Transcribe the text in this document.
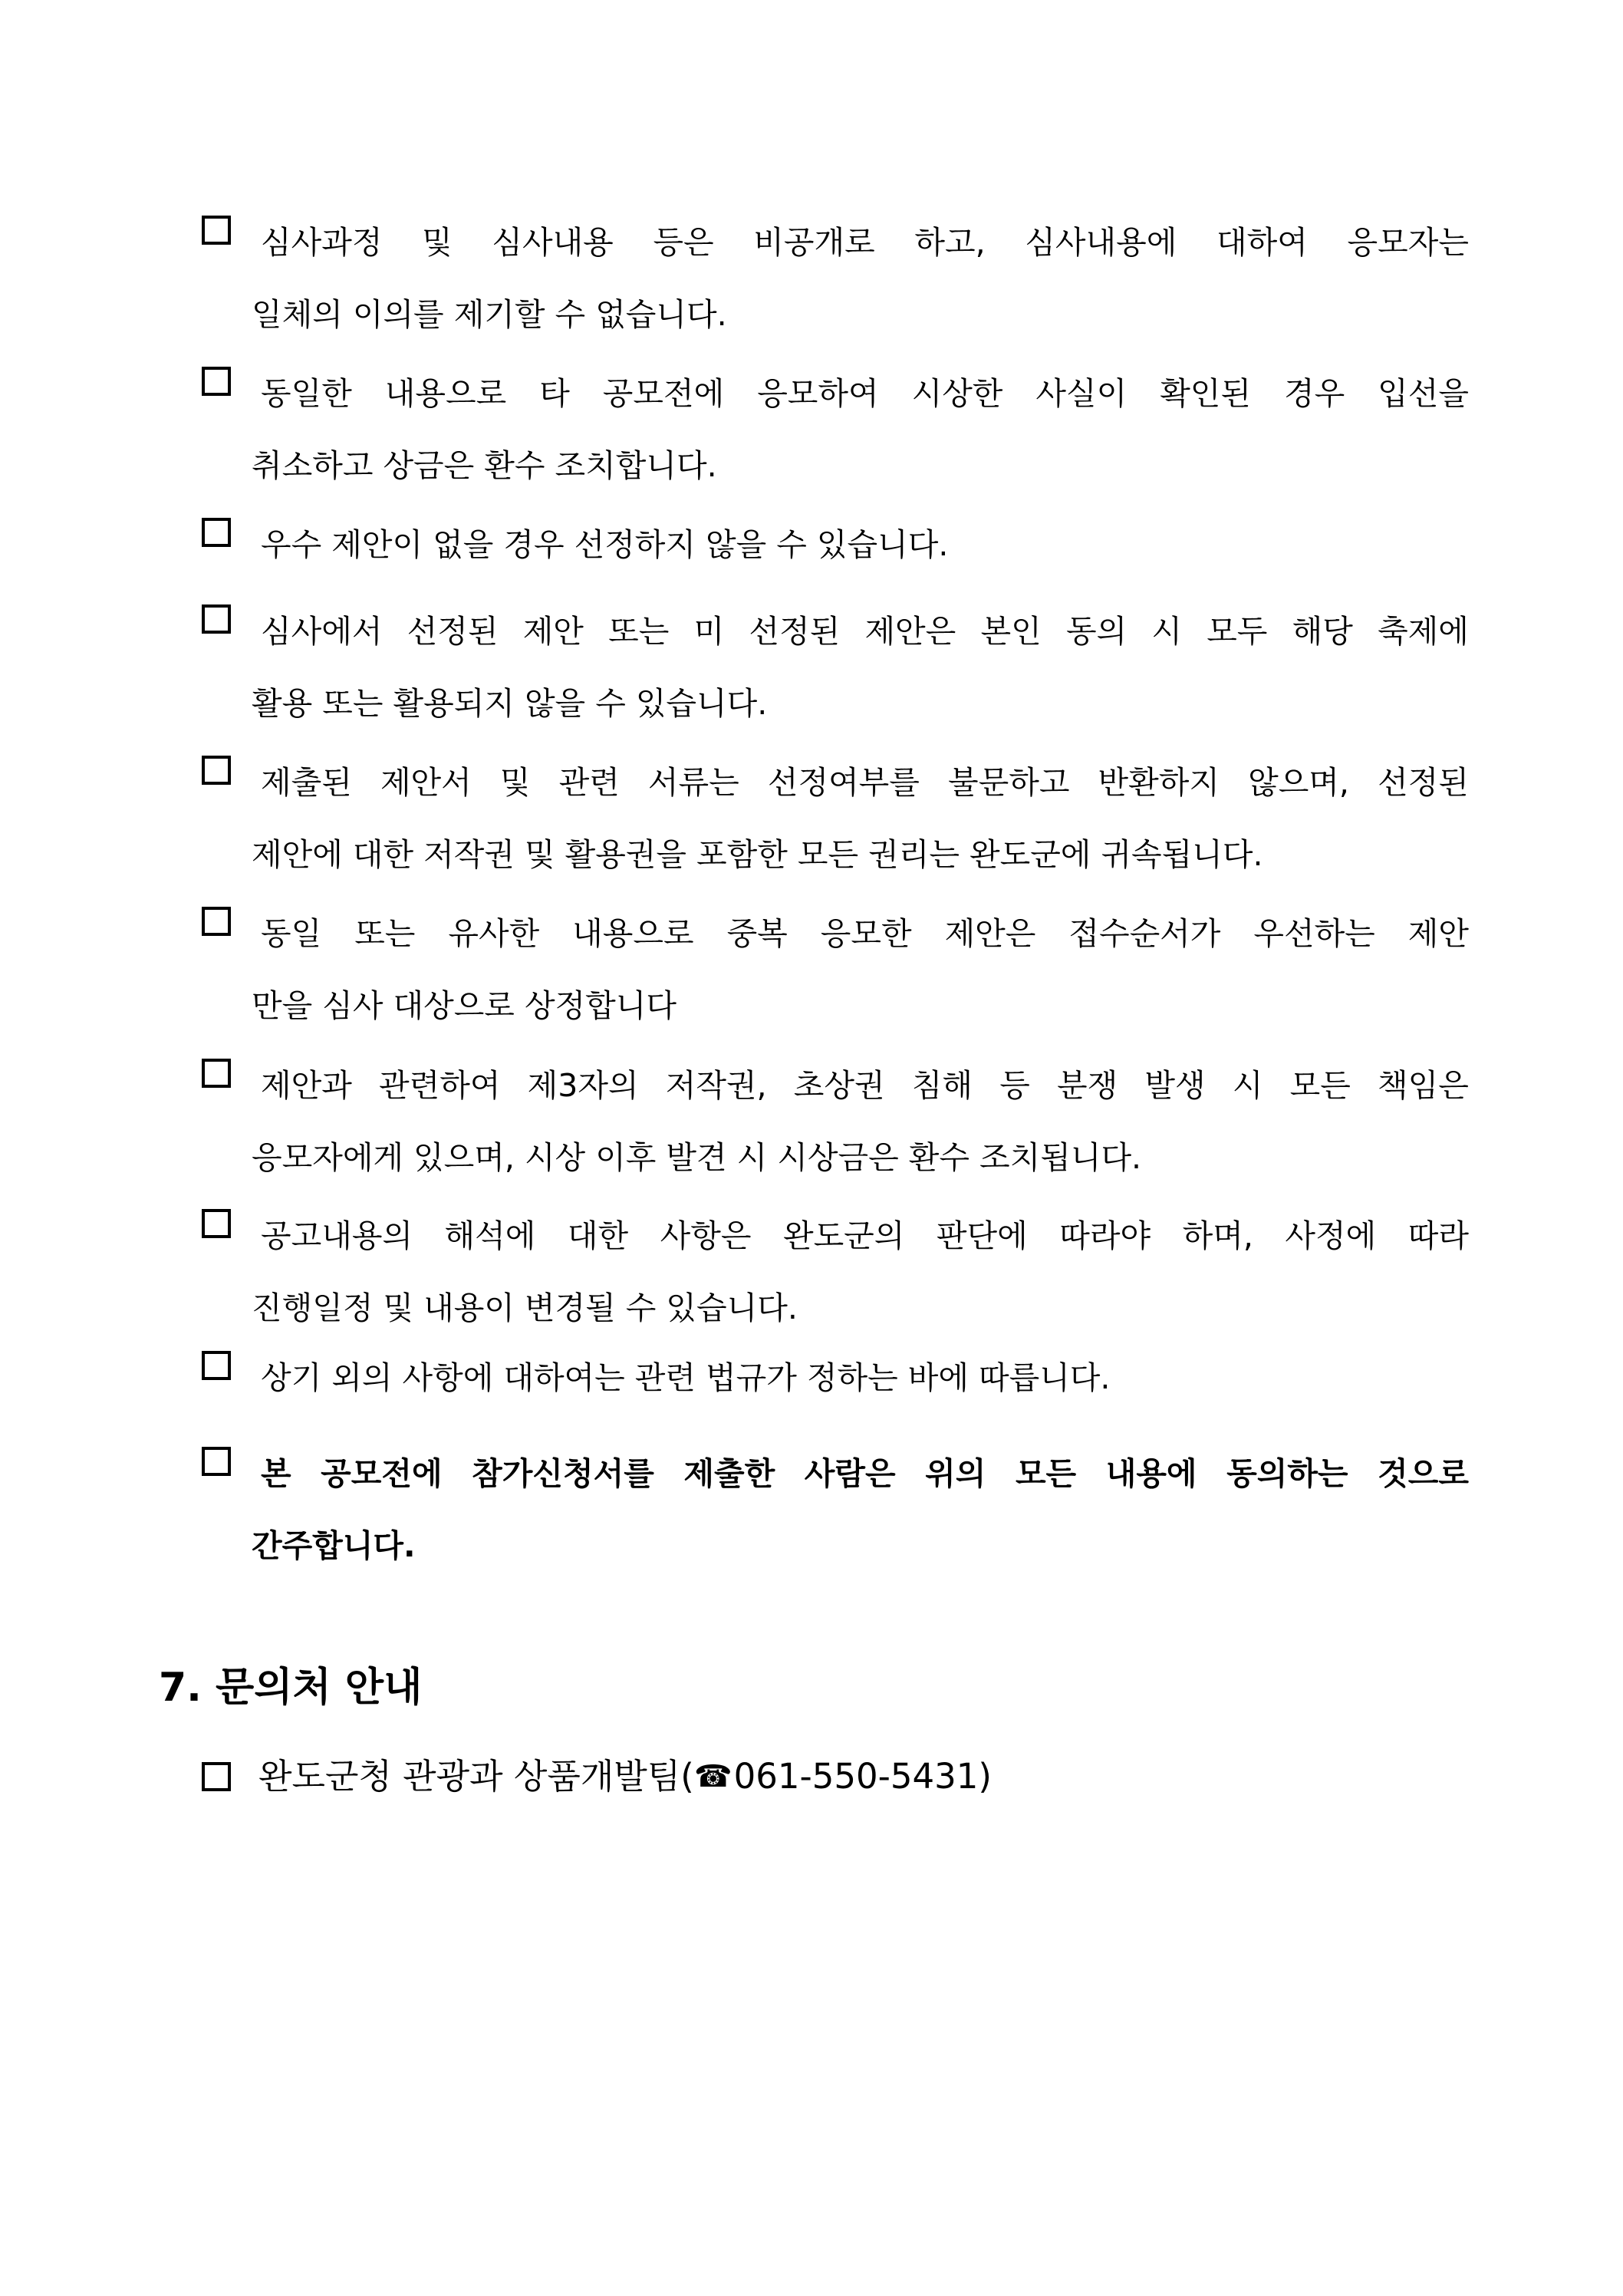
심사과정 및 심사내용 등은 비공개로 하고, 심사내용에 대하여 응모자는
일체의 이의를 제기할 수 없습니다.
동일한 내용으로 타 공모전에 응모하여 시상한 사실이 확인된 경우 입선을
취소하고 상금은 환수 조치합니다.
우수 제안이 없을 경우 선정하지 않을 수 있습니다.
심사에서 선정된 제안 또는 미 선정된 제안은 본인 동의 시 모두 해당 축제에
활용 또는 활용되지 않을 수 있습니다.
제출된 제안서 및 관련 서류는 선정여부를 불문하고 반환하지 않으며, 선정된
제안에 대한 저작권 및 활용권을 포함한 모든 권리는 완도군에 귀속됩니다.
동일 또는 유사한 내용으로 중복 응모한 제안은 접수순서가 우선하는 제안
만을 심사 대상으로 상정합니다
제안과 관련하여 제3자의 저작권, 초상권 침해 등 분쟁 발생 시 모든 책임은
응모자에게 있으며, 시상 이후 발견 시 시상금은 환수 조치됩니다.
공고내용의 해석에 대한 사항은 완도군의 판단에 따라야 하며, 사정에 따라
진행일정 및 내용이 변경될 수 있습니다.
상기 외의 사항에 대하여는 관련 법규가 정하는 바에 따릅니다.
본 공모전에 참가신청서를 제출한 사람은 위의 모든 내용에 동의하는 것으로
간주합니다.
7. 문의처 안내
완도군청 관광과 상품개발팀(☎061-550-5431)
